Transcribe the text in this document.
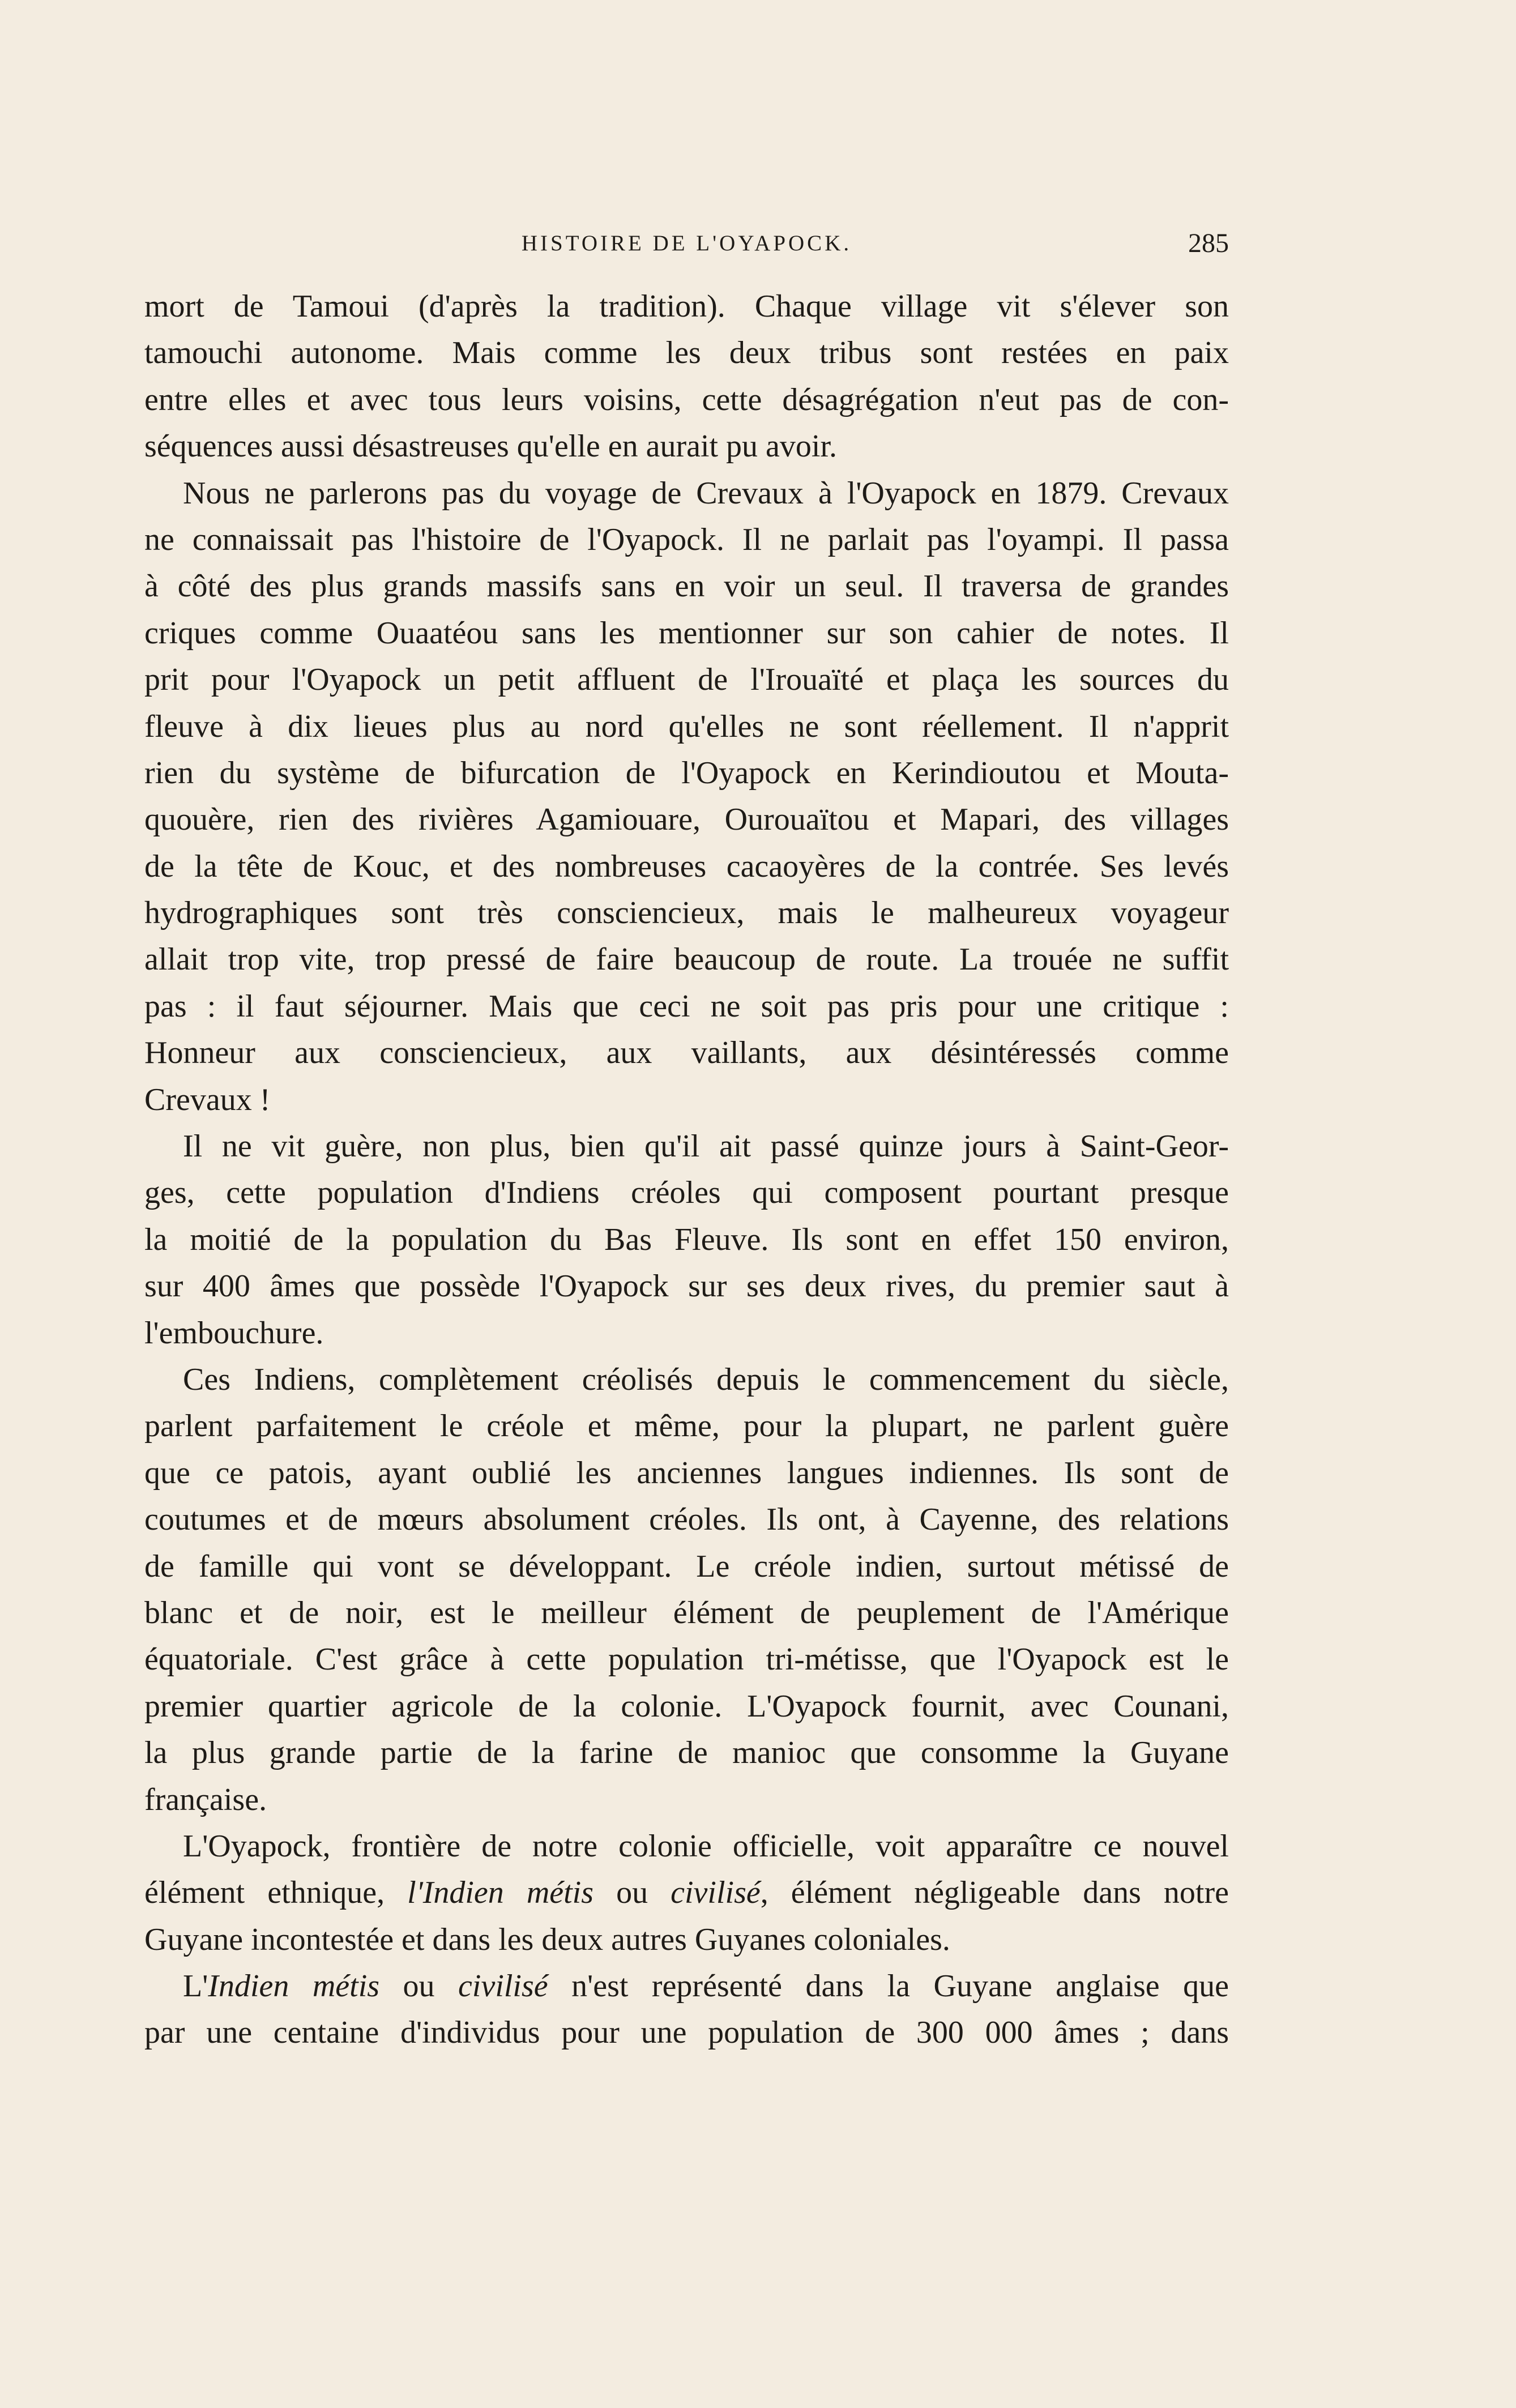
HISTOIRE DE L'OYAPOCK.	285
mort de Tamoui (d'après la tradition). Chaque village vit s'élever son
tamouchi autonome. Mais comme les deux tribus sont restées en paix
entre elles et avec tous leurs voisins, cette désagrégation n'eut pas de con-
séquences aussi désastreuses qu'elle en aurait pu avoir.
Nous ne parlerons pas du voyage de Crevaux à l'Oyapock en 1879. Crevaux
ne connaissait pas l'histoire de l'Oyapock. Il ne parlait pas l'oyampi. Il passa
à côté des plus grands massifs sans en voir un seul. Il traversa de grandes
criques comme Ouaatéou sans les mentionner sur son cahier de notes. Il
prit pour l'Oyapock un petit affluent de l'Irouaïté et plaça les sources du
fleuve à dix lieues plus au nord qu'elles ne sont réellement. Il n'apprit
rien du système de bifurcation de l'Oyapock en Kerindioutou et Mouta-
quouère, rien des rivières Agamiouare, Ourouaïtou et Mapari, des villages
de la tête de Kouc, et des nombreuses cacaoyères de la contrée. Ses levés
hydrographiques sont très consciencieux, mais le malheureux voyageur
allait trop vite, trop pressé de faire beaucoup de route. La trouée ne suffit
pas : il faut séjourner. Mais que ceci ne soit pas pris pour une critique :
Honneur aux consciencieux, aux vaillants, aux désintéressés comme
Crevaux !
Il ne vit guère, non plus, bien qu'il ait passé quinze jours à Saint-Geor-
ges, cette population d'Indiens créoles qui composent pourtant presque
la moitié de la population du Bas Fleuve. Ils sont en effet 150 environ,
sur 400 âmes que possède l'Oyapock sur ses deux rives, du premier saut à
l'embouchure.
Ces Indiens, complètement créolisés depuis le commencement du siècle,
parlent parfaitement le créole et même, pour la plupart, ne parlent guère
que ce patois, ayant oublié les anciennes langues indiennes. Ils sont de
coutumes et de mœurs absolument créoles. Ils ont, à Cayenne, des relations
de famille qui vont se développant. Le créole indien, surtout métissé de
blanc et de noir, est le meilleur élément de peuplement de l'Amérique
équatoriale. C'est grâce à cette population tri-métisse, que l'Oyapock est le
premier quartier agricole de la colonie. L'Oyapock fournit, avec Counani,
la plus grande partie de la farine de manioc que consomme la Guyane
française.
L'Oyapock, frontière de notre colonie officielle, voit apparaître ce nouvel
élément ethnique, l'Indien métis ou civilisé, élément négligeable dans notre
Guyane incontestée et dans les deux autres Guyanes coloniales.
L'Indien métis ou civilisé n'est représenté dans la Guyane anglaise que
par une centaine d'individus pour une population de 300 000 âmes ; dans
